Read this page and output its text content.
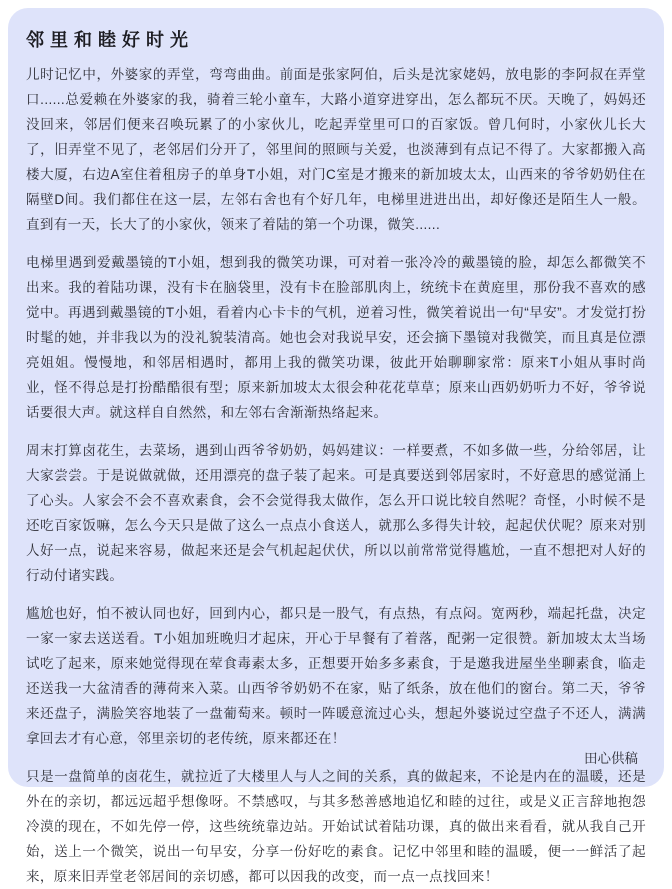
邻里和睦好时光

儿时记忆中，外婆家的弄堂，弯弯曲曲。前面是张家阿伯，后头是沈家姥妈，放电影的李阿叔在弄堂口......总爱赖在外婆家的我，骑着三轮小童车，大路小道穿进穿出，怎么都玩不厌。天晚了，妈妈还没回来，邻居们便来召唤玩累了的小家伙儿，吃起弄堂里可口的百家饭。曾几何时，小家伙儿长大了，旧弄堂不见了，老邻居们分开了，邻里间的照顾与关爱，也淡薄到有点记不得了。大家都搬入高楼大厦，右边A室住着租房子的单身T小姐，对门C室是才搬来的新加坡太太，山西来的爷爷奶奶住在隔壁D间。我们都住在这一层，左邻右舍也有个好几年，电梯里进进出出，却好像还是陌生人一般。直到有一天，长大了的小家伙，领来了着陆的第一个功课，微笑......

电梯里遇到爱戴墨镜的T小姐，想到我的微笑功课，可对着一张冷冷的戴墨镜的脸，却怎么都微笑不出来。我的着陆功课，没有卡在脑袋里，没有卡在脸部肌肉上，统统卡在黄庭里，那份我不喜欢的感觉中。再遇到戴墨镜的T小姐，看着内心卡卡的气机，逆着习性，微笑着说出一句“早安”。才发觉打扮时髦的她，并非我以为的没礼貌装清高。她也会对我说早安，还会摘下墨镜对我微笑，而且真是位漂亮姐姐。慢慢地，和邻居相遇时，都用上我的微笑功课，彼此开始聊聊家常：原来T小姐从事时尚业，怪不得总是打扮酷酷很有型；原来新加坡太太很会种花花草草；原来山西奶奶听力不好，爷爷说话要很大声。就这样自自然然，和左邻右舍渐渐热络起来。

周末打算卤花生，去菜场，遇到山西爷爷奶奶，妈妈建议：一样要煮，不如多做一些，分给邻居，让大家尝尝。于是说做就做，还用漂亮的盘子装了起来。可是真要送到邻居家时，不好意思的感觉涌上了心头。人家会不会不喜欢素食，会不会觉得我太做作，怎么开口说比较自然呢？奇怪，小时候不是还吃百家饭嘛，怎么今天只是做了这么一点点小食送人，就那么多得失计较，起起伏伏呢？原来对别人好一点，说起来容易，做起来还是会气机起起伏伏，所以以前常常觉得尴尬，一直不想把对人好的行动付诸实践。

尴尬也好，怕不被认同也好，回到内心，都只是一股气，有点热，有点闷。宽两秒，端起托盘，决定一家一家去送送看。T小姐加班晚归才起床，开心于早餐有了着落，配粥一定很赞。新加坡太太当场试吃了起来，原来她觉得现在荤食毒素太多，正想要开始多多素食，于是邀我进屋坐坐聊素食，临走还送我一大盆清香的薄荷来入菜。山西爷爷奶奶不在家，贴了纸条，放在他们的窗台。第二天，爷爷来还盘子，满脸笑容地装了一盘葡萄来。顿时一阵暖意流过心头，想起外婆说过空盘子不还人，满满拿回去才有心意，邻里亲切的老传统，原来都还在！

只是一盘简单的卤花生，就拉近了大楼里人与人之间的关系，真的做起来，不论是内在的温暖，还是外在的亲切，都远远超乎想像呀。不禁感叹，与其多愁善感地追忆和睦的过往，或是义正言辞地抱怨冷漠的现在，不如先停一停，这些统统靠边站。开始试试着陆功课，真的做出来看看，就从我自己开始，送上一个微笑，说出一句早安，分享一份好吃的素食。记忆中邻里和睦的温暖，便一一鲜活了起来，原来旧弄堂老邻居间的亲切感，都可以因我的改变，而一点一点找回来！

田心供稿
